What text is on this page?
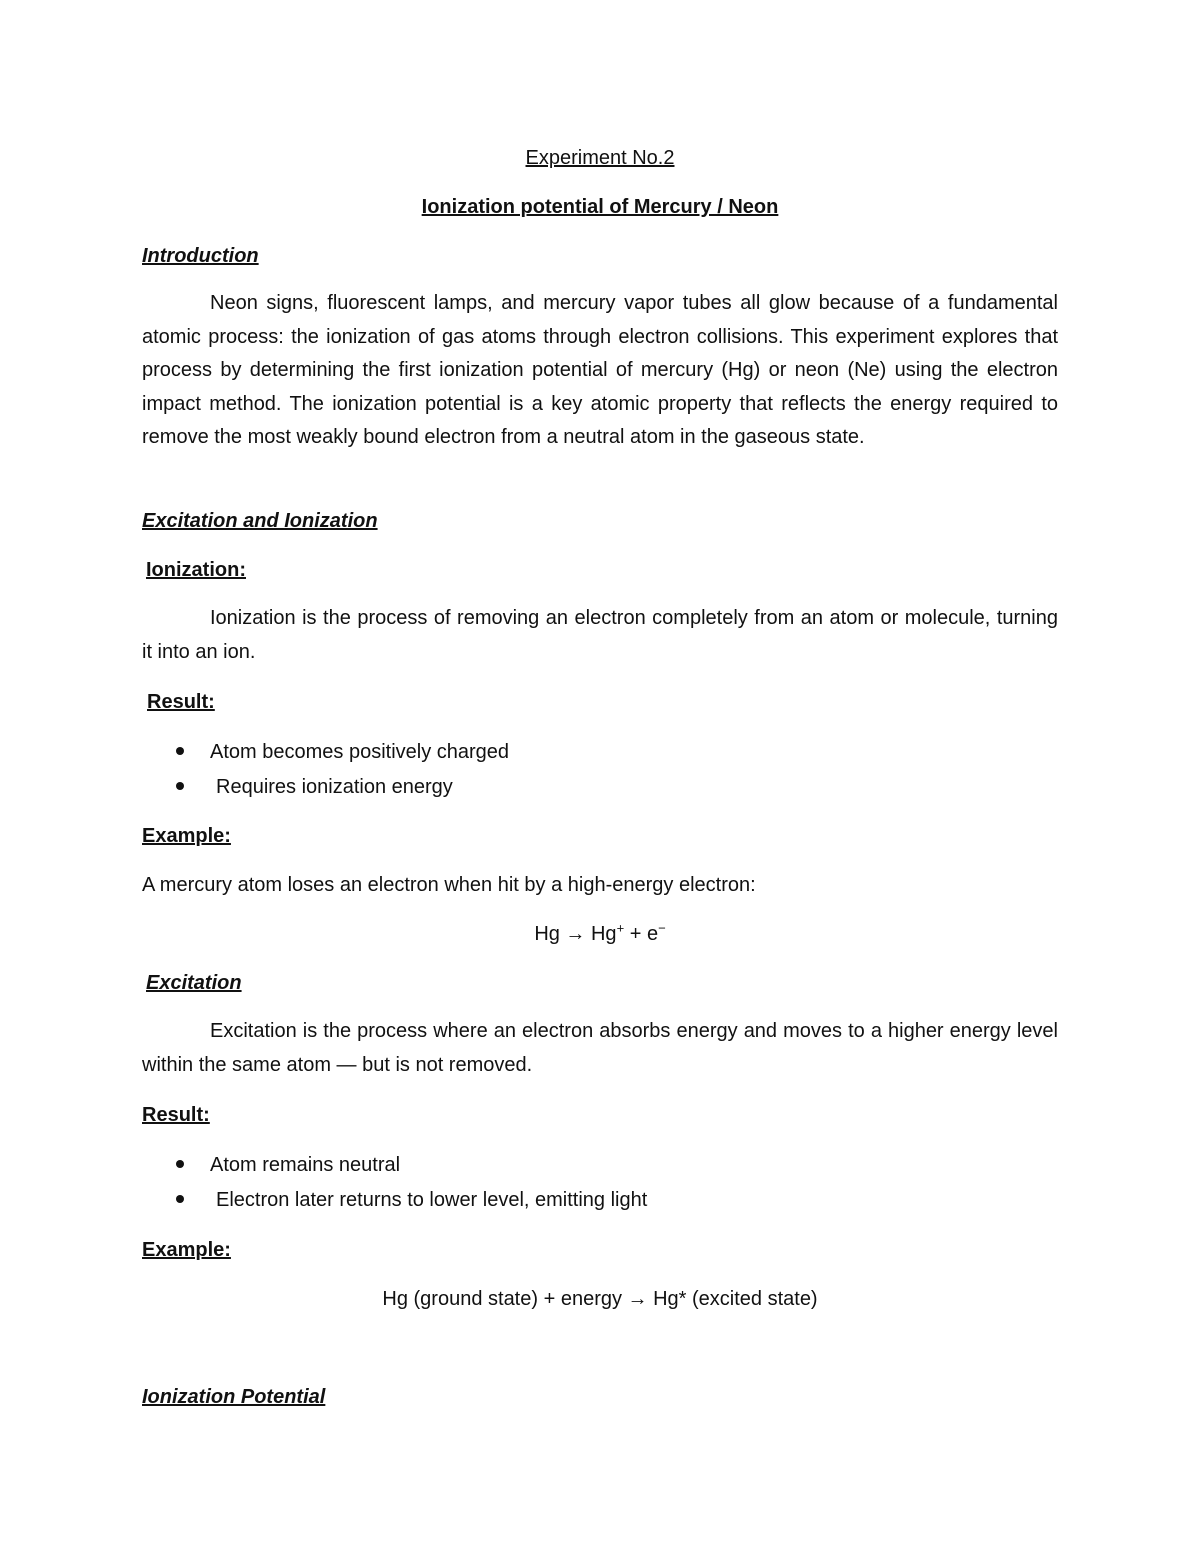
Experiment No.2
Ionization potential of Mercury / Neon
Introduction
Neon signs, fluorescent lamps, and mercury vapor tubes all glow because of a fundamental atomic process: the ionization of gas atoms through electron collisions. This experiment explores that process by determining the first ionization potential of mercury (Hg) or neon (Ne) using the electron impact method. The ionization potential is a key atomic property that reflects the energy required to remove the most weakly bound electron from a neutral atom in the gaseous state.
Excitation and Ionization
Ionization:
Ionization is the process of removing an electron completely from an atom or molecule, turning it into an ion.
Result:
Atom becomes positively charged
Requires ionization energy
Example:
A mercury atom loses an electron when hit by a high-energy electron:
Hg → Hg+ + e−
Excitation
Excitation is the process where an electron absorbs energy and moves to a higher energy level within the same atom — but is not removed.
Result:
Atom remains neutral
Electron later returns to lower level, emitting light
Example:
Hg (ground state) + energy → Hg* (excited state)
Ionization Potential
